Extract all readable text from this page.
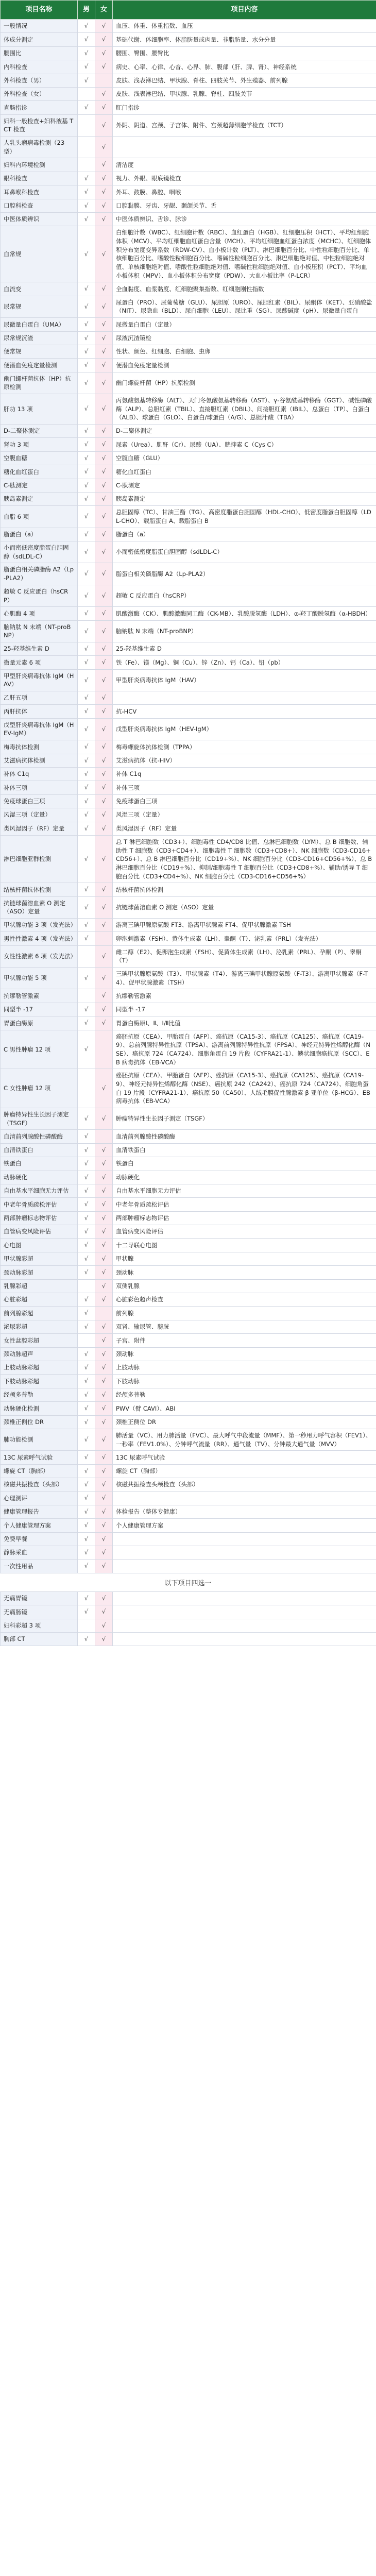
项目名称	男	女	项目内容
一般情况	√	√	血压、体重、体重指数、血压
体成分测定	√	√	基础代谢、体细胞率、体脂肪量或肉量、非脂肪量、水分分量
腰围比	√	√	腰围、臀围、腰臀比
内科检查	√	√	病史、心率、心律、心音、心界、肺、腹部（肝、脾、肾）、神经系统
外科检查（男）	√		皮肤、浅表淋巴结、甲状腺、脊柱、四肢关节、外生殖器、前列腺
外科检查（女）		√	皮肤、浅表淋巴结、甲状腺、乳腺、脊柱、四肢关节
直肠指诊	√	√	肛门指诊
妇科一般检查+妇科液基 TCT 检查		√	外阴、阴道、宫颈、子宫体、附件、宫颈超薄细胞学检查（TCT）
人乳头瘤病毒检测（23 型）		√	
妇科内环境检测		√	清洁度
眼科检查	√	√	视力、外眼、眼底镜检查
耳鼻喉科检查	√	√	外耳、鼓膜、鼻腔、咽喉
口腔科检查	√	√	口腔黏膜、牙齿、牙龈、颞颌关节、舌
中医体质辨识	√	√	中医体质辨识、舌诊、脉诊
血常规	√	√	白细胞计数（WBC）、红细胞计数（RBC）、血红蛋白（HGB）、红细胞压积（HCT）、平均红细胞体积（MCV）、平均红细胞血红蛋白含量（MCH）、平均红细胞血红蛋白浓度（MCHC）、红细胞体积分布宽度变异系数（RDW-CV）、血小板计数（PLT）、淋巴细胞百分比、中性粒细胞百分比、单核细胞百分比、嗜酸性粒细胞百分比、嗜碱性粒细胞百分比、淋巴细胞绝对值、中性粒细胞绝对值、单核细胞绝对值、嗜酸性粒细胞绝对值、嗜碱性粒细胞绝对值、血小板压积（PCT）、平均血小板体积（MPV）、血小板体积分布宽度（PDW）、大血小板比率（P-LCR）
血流变	√	√	全血黏度、血浆黏度、红细胞聚集指数、红细胞刚性指数
尿常规	√	√	尿蛋白（PRO）、尿葡萄糖（GLU）、尿胆原（URO）、尿胆红素（BIL）、尿酮体（KET）、亚硝酸盐（NIT）、尿隐血（BLD）、尿白细胞（LEU）、尿比重（SG）、尿酸碱度（pH）、尿微量白蛋白
尿微量白蛋白（UMA）	√	√	尿微量白蛋白（定量）
尿常规沉渣	√	√	尿液沉渣镜检
便常规	√	√	性状、颜色、红细胞、白细胞、虫卵
便潜血免疫定量检测	√	√	便潜血免疫定量检测
幽门螺杆菌抗体（HP）抗原检测	√	√	幽门螺旋杆菌（HP）抗原检测
肝功 13 项	√	√	丙氨酸氨基转移酶（ALT）、天门冬氨酸氨基转移酶（AST）、γ-谷氨酰基转移酶（GGT）、碱性磷酸酶（ALP）、总胆红素（TBIL）、直接胆红素（DBIL）、间接胆红素（IBIL）、总蛋白（TP）、白蛋白（ALB）、球蛋白（GLO）、白蛋白/球蛋白（A/G）、总胆汁酸（TBA）
D-二聚体测定	√	√	D-二聚体测定
肾功 3 项	√	√	尿素（Urea）、肌酐（Cr）、尿酸（UA）、胱抑素 C（Cys C）
空腹血糖	√	√	空腹血糖（GLU）
糖化血红蛋白	√	√	糖化血红蛋白
C-肽测定	√	√	C-肽测定
胰岛素测定	√	√	胰岛素测定
血脂 6 项	√	√	总胆固醇（TC）、甘油三酯（TG）、高密度脂蛋白胆固醇（HDL-CHO）、低密度脂蛋白胆固醇（LDL-CHO）、载脂蛋白 A、载脂蛋白 B
脂蛋白（a）	√	√	脂蛋白（a）
小而密低密度脂蛋白胆固醇（sdLDL-C）	√	√	小而密低密度脂蛋白胆固醇（sdLDL-C）
脂蛋白相关磷脂酶 A2（Lp-PLA2）	√	√	脂蛋白相关磷脂酶 A2（Lp-PLA2）
超敏 C 反应蛋白（hsCRP）	√	√	超敏 C 反应蛋白（hsCRP）
心肌酶 4 项	√	√	肌酸激酶（CK）、肌酸激酶同工酶（CK-MB）、乳酸脱氢酶（LDH）、α-羟丁酸脱氢酶（α-HBDH）
脑钠肽 N 末端（NT-proBNP）	√	√	脑钠肽 N 末端（NT-proBNP）
25-羟基维生素 D	√	√	25-羟基维生素 D
微量元素 6 项	√	√	铁（Fe）、镁（Mg）、铜（Cu）、锌（Zn）、钙（Ca）、铅（pb）
甲型肝炎病毒抗体 IgM（HAV）	√	√	甲型肝炎病毒抗体 IgM（HAV）
乙肝五项	√	√	
丙肝抗体	√	√	抗-HCV
戊型肝炎病毒抗体 IgM（HEV-IgM）	√	√	戊型肝炎病毒抗体 IgM（HEV-IgM）
梅毒抗体检测	√	√	梅毒螺旋体抗体检测（TPPA）
艾滋病抗体检测	√	√	艾滋病抗体（抗-HIV）
补体 C1q	√	√	补体 C1q
补体三项	√	√	补体三项
免疫球蛋白三项	√	√	免疫球蛋白三项
风湿三项（定量）	√	√	风湿三项（定量）
类风湿因子（RF）定量	√	√	类风湿因子（RF）定量
淋巴细胞亚群检测	√	√	总 T 淋巴细胞数（CD3+）、细胞毒性 CD4/CD8 比值、总淋巴细胞数（LYM）、总 B 细胞数、辅助性 T 细胞数（CD3+CD4+）、细胞毒性 T 细胞数（CD3+CD8+）、NK 细胞数（CD3-CD16+CD56+）、总 B 淋巴细胞百分比（CD19+%）、NK 细胞百分比（CD3-CD16+CD56+%）、总 B 淋巴细胞百分比（CD19+%）、抑制/细胞毒性 T 细胞百分比（CD3+CD8+%）、辅助/诱导 T 细胞百分比（CD3+CD4+%）、NK 细胞百分比（CD3-CD16+CD56+%）
结核杆菌抗体检测	√	√	结核杆菌抗体检测
抗链球菌溶血素 O 测定（ASO）定量	√	√	抗链球菌溶血素 O 测定（ASO）定量
甲状腺功能 3 项（发光法）	√	√	游离三碘甲腺原氨酸 FT3、游离甲状腺素 FT4、促甲状腺激素 TSH
男性性激素 4 项（发光法）	√		卵泡刺激素（FSH）、黄体生成素（LH）、睾酮（T）、泌乳素（PRL）（发光法）
女性性激素 6 项（发光法）		√	雌二醇（E2）、促卵泡生成素（FSH）、促黄体生成素（LH）、泌乳素（PRL）、孕酮（P）、睾酮（T）
甲状腺功能 5 项	√	√	三碘甲状腺原氨酸（T3）、甲状腺素（T4）、游离三碘甲状腺原氨酸（F-T3）、游离甲状腺素（F-T4）、促甲状腺激素（TSH）
抗缪勒管激素		√	抗缪勒管激素
同型半 -17	√	√	同型半 -17
胃蛋白酶原	√	√	胃蛋白酶原Ⅰ、Ⅱ、Ⅰ/Ⅱ比值
C 男性肿瘤 12 项	√		癌胚抗原（CEA）、甲胎蛋白（AFP）、癌抗原（CA15-3）、癌抗原（CA125）、癌抗原（CA19-9）、总前列腺特异性抗原（TPSA）、游离前列腺特异性抗原（FPSA）、神经元特异性烯醇化酶（NSE）、癌抗原 724（CA724）、细胞角蛋白 19 片段（CYFRA21-1）、鳞状细胞癌抗原（SCC）、EB 病毒抗体（EB-VCA）
C 女性肿瘤 12 项		√	癌胚抗原（CEA）、甲胎蛋白（AFP）、癌抗原（CA15-3）、癌抗原（CA125）、癌抗原（CA19-9）、神经元特异性烯醇化酶（NSE）、癌抗原 242（CA242）、癌抗原 724（CA724）、细胞角蛋白 19 片段（CYFRA21-1）、癌抗原 50（CA50）、人绒毛膜促性腺激素 β 亚单位（β-HCG）、EB 病毒抗体（EB-VCA）
肿瘤特异性生长因子测定（TSGF）	√	√	肿瘤特异性生长因子测定（TSGF）
血清前列腺酸性磷酸酶	√		血清前列腺酸性磷酸酶
血清铁蛋白	√	√	血清铁蛋白
铁蛋白	√	√	铁蛋白
动脉硬化	√	√	动脉硬化
自由基水平细胞无力评估	√	√	自由基水平细胞无力评估
中老年骨质疏松评估	√	√	中老年骨质疏松评估
两部肿瘤标志物评估	√	√	两部肿瘤标志物评估
血管病变风险评估	√	√	血管病变风险评估
心电图	√	√	十二导联心电图
甲状腺彩超	√	√	甲状腺
颈动脉彩超	√	√	颈动脉
乳腺彩超		√	双侧乳腺
心脏彩超	√	√	心脏彩色超声检查
前列腺彩超	√		前列腺
泌尿彩超	√	√	双肾、输尿管、膀胱
女性盆腔彩超		√	子宫、附件
颈动脉超声	√	√	颈动脉
上肢动脉彩超	√	√	上肢动脉
下肢动脉彩超	√	√	下肢动脉
经颅多普勒	√	√	经颅多普勒
动脉硬化检测	√	√	PWV（臂 CAVI）、ABI
颈椎正侧位 DR	√	√	颈椎正侧位 DR
肺功能检测	√	√	肺活量（VC）、用力肺活量（FVC）、最大呼气中段流量（MMF）、第一秒用力呼气容积（FEV1）、一秒率（FEV1.0%）、分钟呼气流量（RR）、通气量（TV）、分钟最大通气量（MVV）
13C 尿素呼气试验	√	√	13C 尿素呼气试验
螺旋 CT（胸部）	√	√	螺旋 CT（胸部）
核磁共振检查（头部）	√	√	核磁共振检查头颅检查（头部）
心理测评	√	√	
健康管理报告	√	√	体检报告（整体专健康）
个人健康管理方案	√	√	个人健康管理方案
免费早餐	√	√	
静脉采血	√	√	
一次性用品	√	√	
以下项目四选一
无痛胃镜	√	√	
无痛肠镜	√	√	
妇科彩超 3 项		√	
胸部 CT	√	√	
